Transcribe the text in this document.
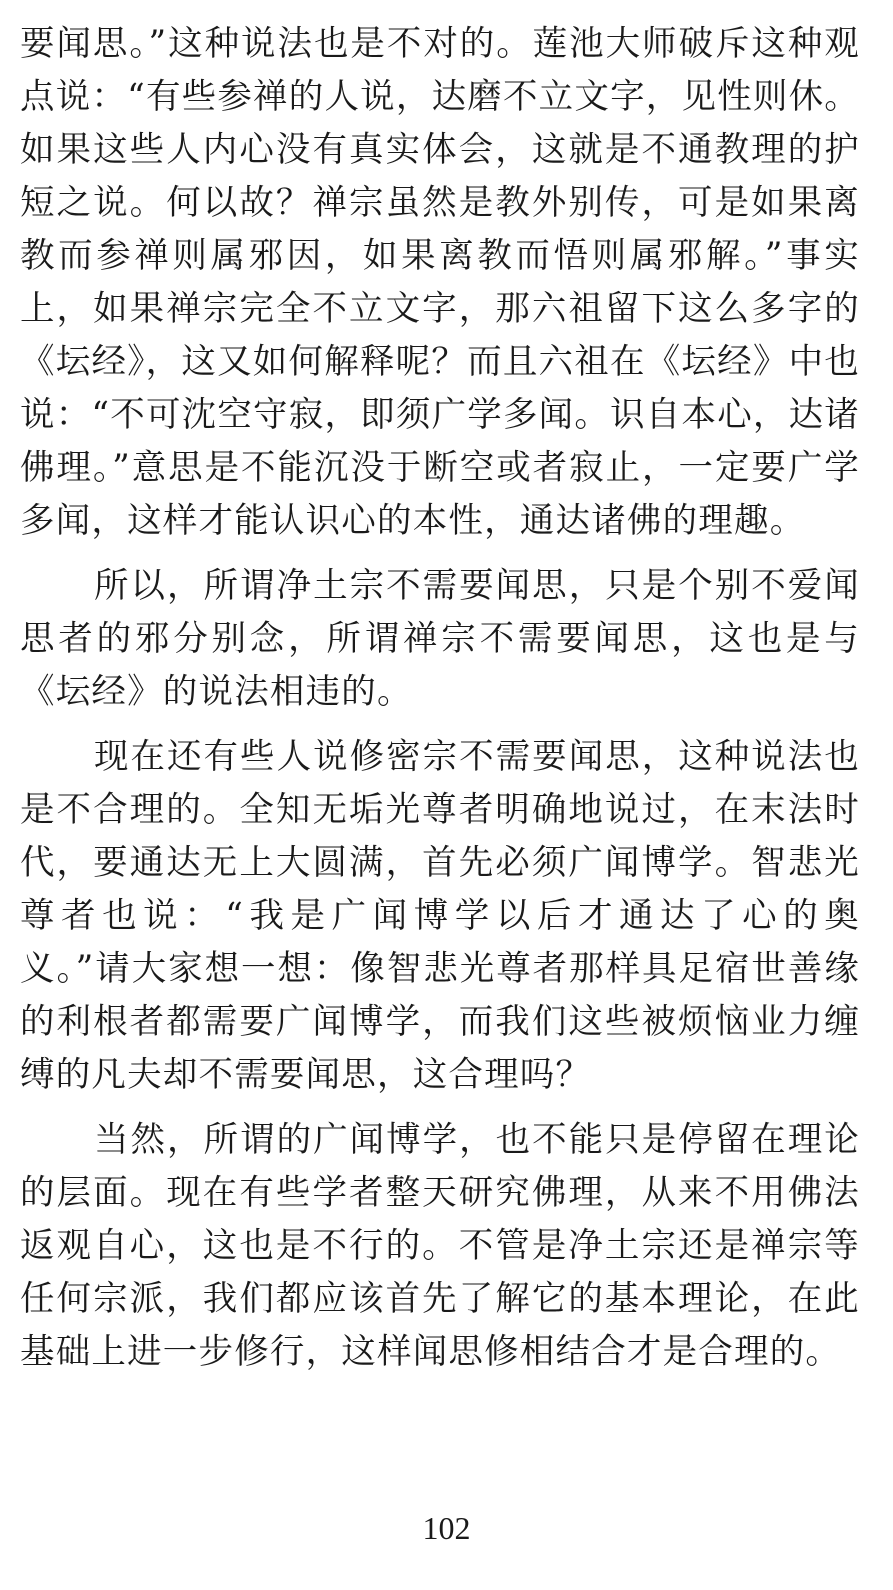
要闻思。”这种说法也是不对的。莲池大师破斥这种观点说：“有些参禅的人说，达磨不立文字，见性则休。如果这些人内心没有真实体会，这就是不通教理的护短之说。何以故？禅宗虽然是教外别传，可是如果离教而参禅则属邪因，如果离教而悟则属邪解。”事实上，如果禅宗完全不立文字，那六祖留下这么多字的《坛经》，这又如何解释呢？而且六祖在《坛经》中也说：“不可沈空守寂，即须广学多闻。识自本心，达诸佛理。”意思是不能沉没于断空或者寂止，一定要广学多闻，这样才能认识心的本性，通达诸佛的理趣。

所以，所谓净土宗不需要闻思，只是个别不爱闻思者的邪分别念，所谓禅宗不需要闻思，这也是与《坛经》的说法相违的。

现在还有些人说修密宗不需要闻思，这种说法也是不合理的。全知无垢光尊者明确地说过，在末法时代，要通达无上大圆满，首先必须广闻博学。智悲光尊者也说：“我是广闻博学以后才通达了心的奥义。”请大家想一想：像智悲光尊者那样具足宿世善缘的利根者都需要广闻博学，而我们这些被烦恼业力缠缚的凡夫却不需要闻思，这合理吗？

当然，所谓的广闻博学，也不能只是停留在理论的层面。现在有些学者整天研究佛理，从来不用佛法返观自心，这也是不行的。不管是净土宗还是禅宗等任何宗派，我们都应该首先了解它的基本理论，在此基础上进一步修行，这样闻思修相结合才是合理的。

102
